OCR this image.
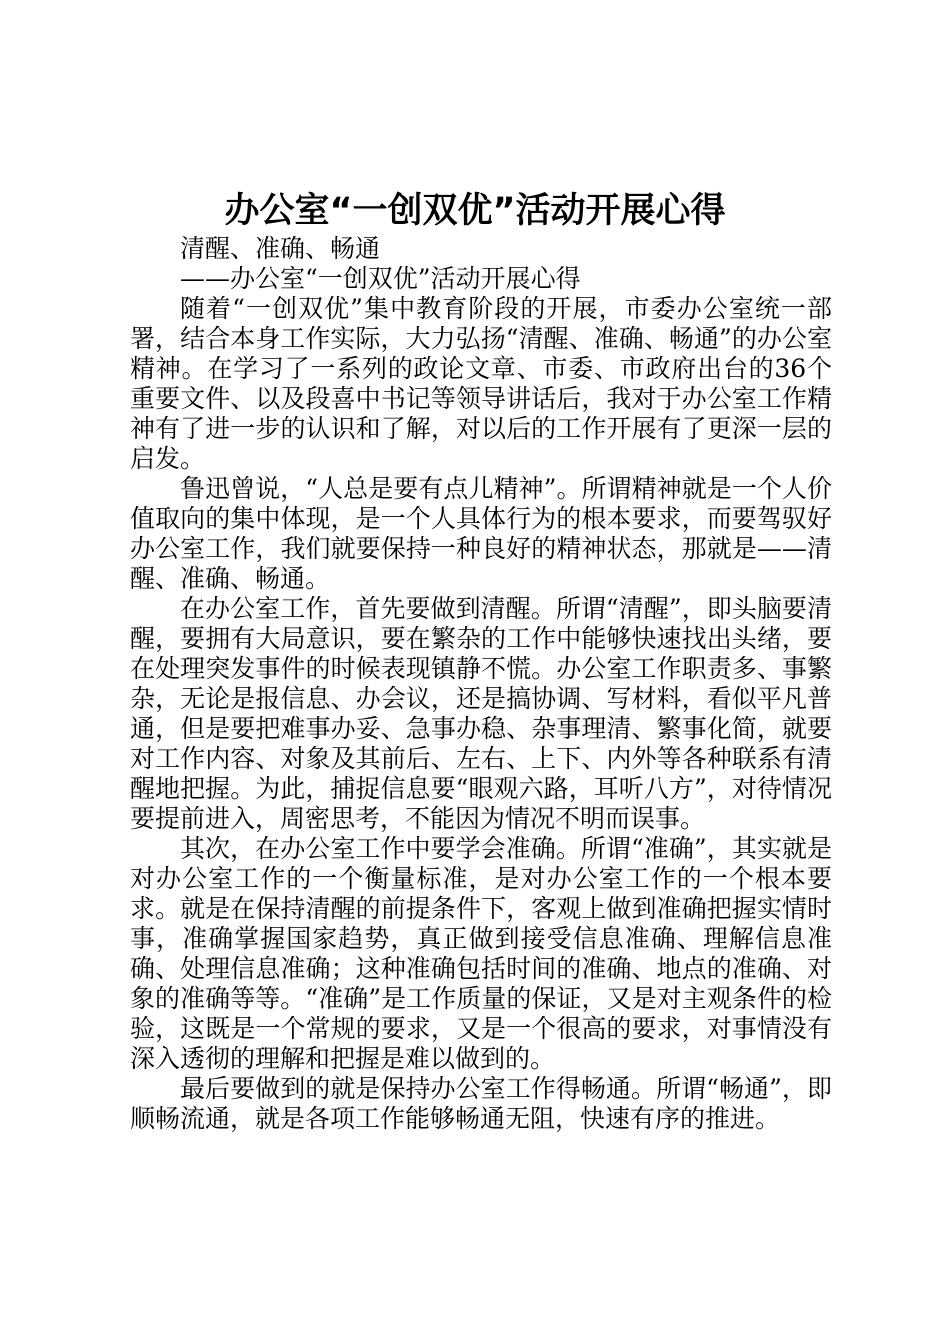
办公室“一创双优”活动开展心得

清醒、准确、畅通

——办公室“一创双优”活动开展心得

随着“一创双优”集中教育阶段的开展，市委办公室统一部署，结合本身工作实际，大力弘扬“清醒、准确、畅通”的办公室精神。在学习了一系列的政论文章、市委、市政府出台的36个重要文件、以及段喜中书记等领导讲话后，我对于办公室工作精神有了进一步的认识和了解，对以后的工作开展有了更深一层的启发。

鲁迅曾说，“人总是要有点儿精神”。所谓精神就是一个人价值取向的集中体现，是一个人具体行为的根本要求，而要驾驭好办公室工作，我们就要保持一种良好的精神状态，那就是——清醒、准确、畅通。

在办公室工作，首先要做到清醒。所谓“清醒”，即头脑要清醒，要拥有大局意识，要在繁杂的工作中能够快速找出头绪，要在处理突发事件的时候表现镇静不慌。办公室工作职责多、事繁杂，无论是报信息、办会议，还是搞协调、写材料，看似平凡普通，但是要把难事办妥、急事办稳、杂事理清、繁事化简，就要对工作内容、对象及其前后、左右、上下、内外等各种联系有清醒地把握。为此，捕捉信息要“眼观六路，耳听八方”，对待情况要提前进入，周密思考，不能因为情况不明而误事。

其次，在办公室工作中要学会准确。所谓“准确”，其实就是对办公室工作的一个衡量标准，是对办公室工作的一个根本要求。就是在保持清醒的前提条件下，客观上做到准确把握实情时事，准确掌握国家趋势，真正做到接受信息准确、理解信息准确、处理信息准确；这种准确包括时间的准确、地点的准确、对象的准确等等。“准确”是工作质量的保证，又是对主观条件的检验，这既是一个常规的要求，又是一个很高的要求，对事情没有深入透彻的理解和把握是难以做到的。

最后要做到的就是保持办公室工作得畅通。所谓“畅通”，即顺畅流通，就是各项工作能够畅通无阻，快速有序的推进。
